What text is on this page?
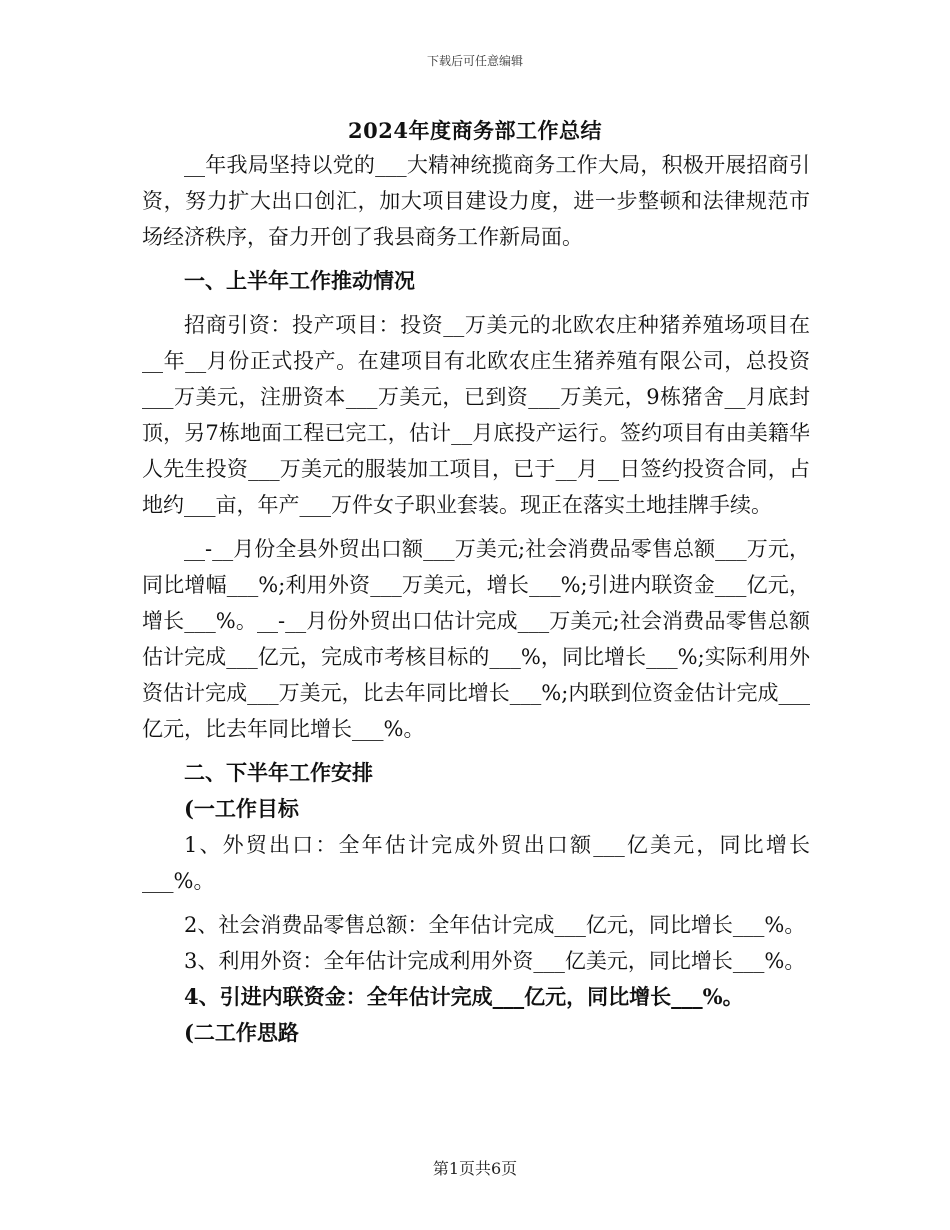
下载后可任意编辑
2024年度商务部工作总结

__年我局坚持以党的___大精神统揽商务工作大局，积极开展招商引资，努力扩大出口创汇，加大项目建设力度，进一步整顿和法律规范市场经济秩序，奋力开创了我县商务工作新局面。

一、上半年工作推动情况

招商引资：投产项目：投资__万美元的北欧农庄种猪养殖场项目在__年__月份正式投产。在建项目有北欧农庄生猪养殖有限公司，总投资___万美元，注册资本___万美元，已到资___万美元，9栋猪舍__月底封顶，另7栋地面工程已完工，估计__月底投产运行。签约项目有由美籍华人先生投资___万美元的服装加工项目，已于__月__日签约投资合同，占地约___亩，年产___万件女子职业套装。现正在落实土地挂牌手续。

__-__月份全县外贸出口额___万美元;社会消费品零售总额___万元，同比增幅___%;利用外资___万美元，增长___%;引进内联资金___亿元，增长___%。__-__月份外贸出口估计完成___万美元;社会消费品零售总额估计完成___亿元，完成市考核目标的___%，同比增长___%;实际利用外资估计完成___万美元，比去年同比增长___%;内联到位资金估计完成___亿元，比去年同比增长___%。

二、下半年工作安排

(一工作目标

1、外贸出口：全年估计完成外贸出口额___亿美元，同比增长___%。

2、社会消费品零售总额：全年估计完成___亿元，同比增长___%。

3、利用外资：全年估计完成利用外资___亿美元，同比增长___%。

4、引进内联资金：全年估计完成___亿元，同比增长___%。

(二工作思路

第1页共6页
